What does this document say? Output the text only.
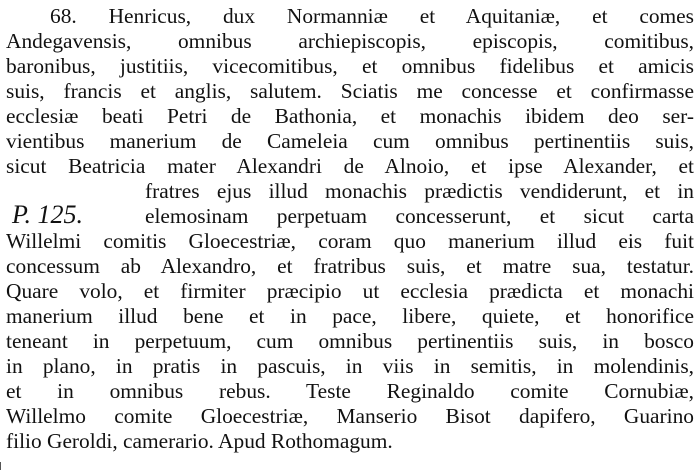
68. Henricus, dux Normanniæ et Aquitaniæ, et comes
Andegavensis, omnibus archiepiscopis, episcopis, comitibus,
baronibus, justitiis, vicecomitibus, et omnibus fidelibus et amicis
suis, francis et anglis, salutem. Sciatis me concesse et confirmasse
ecclesiæ beati Petri de Bathonia, et monachis ibidem deo ser-
vientibus manerium de Cameleia cum omnibus pertinentiis suis,
sicut Beatricia mater Alexandri de Alnoio, et ipse Alexander, et
P. 125.
fratres ejus illud monachis prædictis vendiderunt, et in
elemosinam perpetuam concesserunt, et sicut carta
Willelmi comitis Gloecestriæ, coram quo manerium illud eis fuit
concessum ab Alexandro, et fratribus suis, et matre sua, testatur.
Quare volo, et firmiter præcipio ut ecclesia prædicta et monachi
manerium illud bene et in pace, libere, quiete, et honorifice
teneant in perpetuum, cum omnibus pertinentiis suis, in bosco
in plano, in pratis in pascuis, in viis in semitis, in molendinis,
et in omnibus rebus. Teste Reginaldo comite Cornubiæ,
Willelmo comite Gloecestriæ, Manserio Bisot dapifero, Guarino
filio Geroldi, camerario. Apud Rothomagum.
